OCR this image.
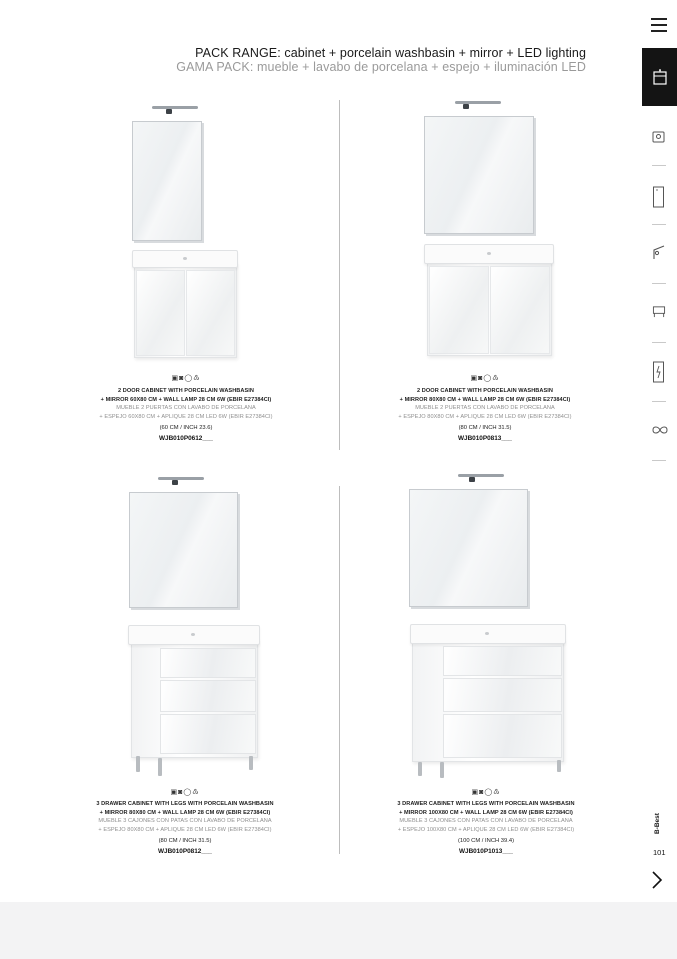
PACK RANGE: cabinet + porcelain washbasin + mirror + LED lighting
GAMA PACK: mueble + lavabo de porcelana + espejo + iluminación LED
▣◙◯♳
2 DOOR CABINET WITH PORCELAIN WASHBASIN
+ MIRROR 60X80 CM + WALL LAMP 28 CM 6W (EBIR E27384CI)
MUEBLE 2 PUERTAS CON LAVABO DE PORCELANA
+ ESPEJO 60X80 CM + APLIQUE 28 CM LED 6W (EBIR E27384CI)
(60 CM / INCH 23.6)
WJB010P0612___
▣◙◯♳
2 DOOR CABINET WITH PORCELAIN WASHBASIN
+ MIRROR 80X80 CM + WALL LAMP 28 CM 6W (EBIR E27384CI)
MUEBLE 2 PUERTAS CON LAVABO DE PORCELANA
+ ESPEJO 80X80 CM + APLIQUE 28 CM LED 6W (EBIR E27384CI)
(80 CM / INCH 31.5)
WJB010P0813___
▣◙◯♳
3 DRAWER CABINET WITH LEGS WITH PORCELAIN WASHBASIN
+ MIRROR 80X80 CM + WALL LAMP 28 CM 6W (EBIR E27384CI)
MUEBLE 3 CAJONES CON PATAS CON LAVABO DE PORCELANA
+ ESPEJO 80X80 CM + APLIQUE 28 CM LED 6W (EBIR E27384CI)
(80 CM / INCH 31.5)
WJB010P0812___
▣◙◯♳
3 DRAWER CABINET WITH LEGS WITH PORCELAIN WASHBASIN
+ MIRROR 100X80 CM + WALL LAMP 28 CM 6W (EBIR E27384CI)
MUEBLE 3 CAJONES CON PATAS CON LAVABO DE PORCELANA
+ ESPEJO 100X80 CM + APLIQUE 28 CM LED 6W (EBIR E27384CI)
(100 CM / INCH 39.4)
WJB010P1013___
B-Best
101
